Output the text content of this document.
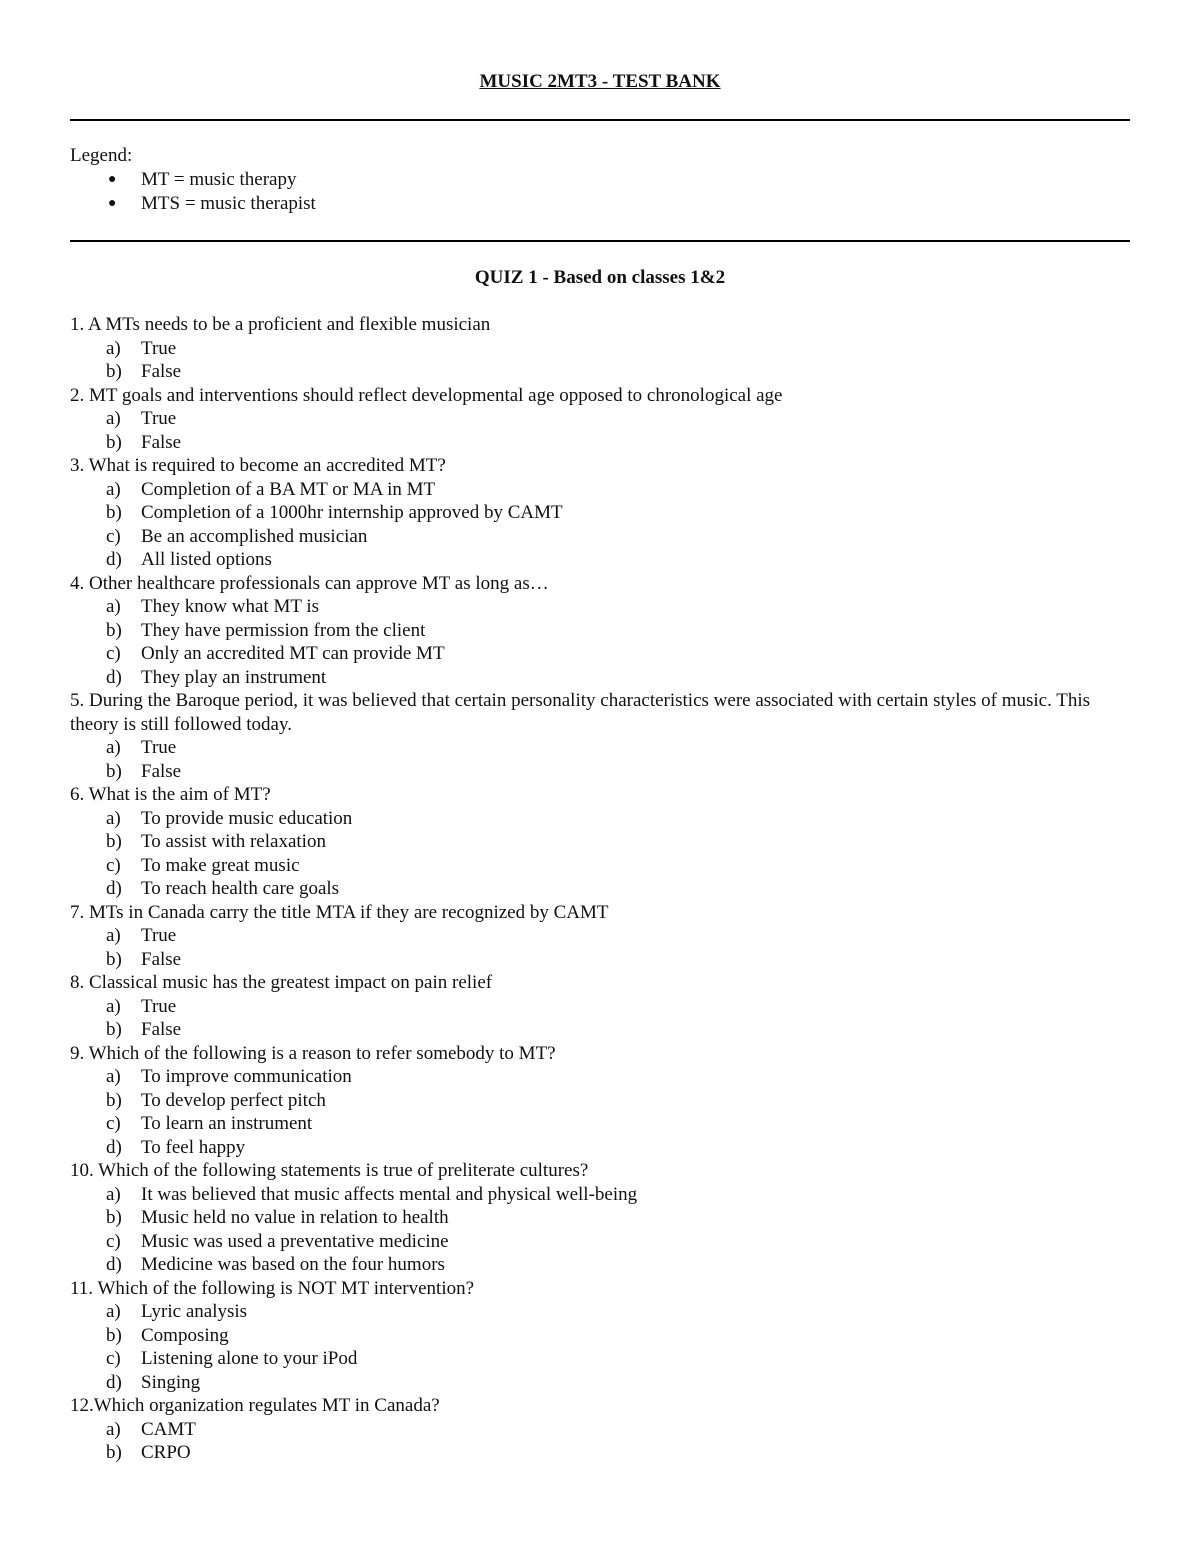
MUSIC 2MT3 - TEST BANK
Legend:
● MT = music therapy
● MTS = music therapist
QUIZ 1 - Based on classes 1&2
1. A MTs needs to be a proficient and flexible musician
a) True
b) False
2. MT goals and interventions should reflect developmental age opposed to chronological age
a) True
b) False
3. What is required to become an accredited MT?
a) Completion of a BA MT or MA in MT
b) Completion of a 1000hr internship approved by CAMT
c) Be an accomplished musician
d) All listed options
4. Other healthcare professionals can approve MT as long as…
a) They know what MT is
b) They have permission from the client
c) Only an accredited MT can provide MT
d) They play an instrument
5. During the Baroque period, it was believed that certain personality characteristics were associated with certain styles of music. This theory is still followed today.
a) True
b) False
6. What is the aim of MT?
a) To provide music education
b) To assist with relaxation
c) To make great music
d) To reach health care goals
7. MTs in Canada carry the title MTA if they are recognized by CAMT
a) True
b) False
8. Classical music has the greatest impact on pain relief
a) True
b) False
9. Which of the following is a reason to refer somebody to MT?
a) To improve communication
b) To develop perfect pitch
c) To learn an instrument
d) To feel happy
10. Which of the following statements is true of preliterate cultures?
a) It was believed that music affects mental and physical well-being
b) Music held no value in relation to health
c) Music was used a preventative medicine
d) Medicine was based on the four humors
11. Which of the following is NOT MT intervention?
a) Lyric analysis
b) Composing
c) Listening alone to your iPod
d) Singing
12.Which organization regulates MT in Canada?
a) CAMT
b) CRPO
